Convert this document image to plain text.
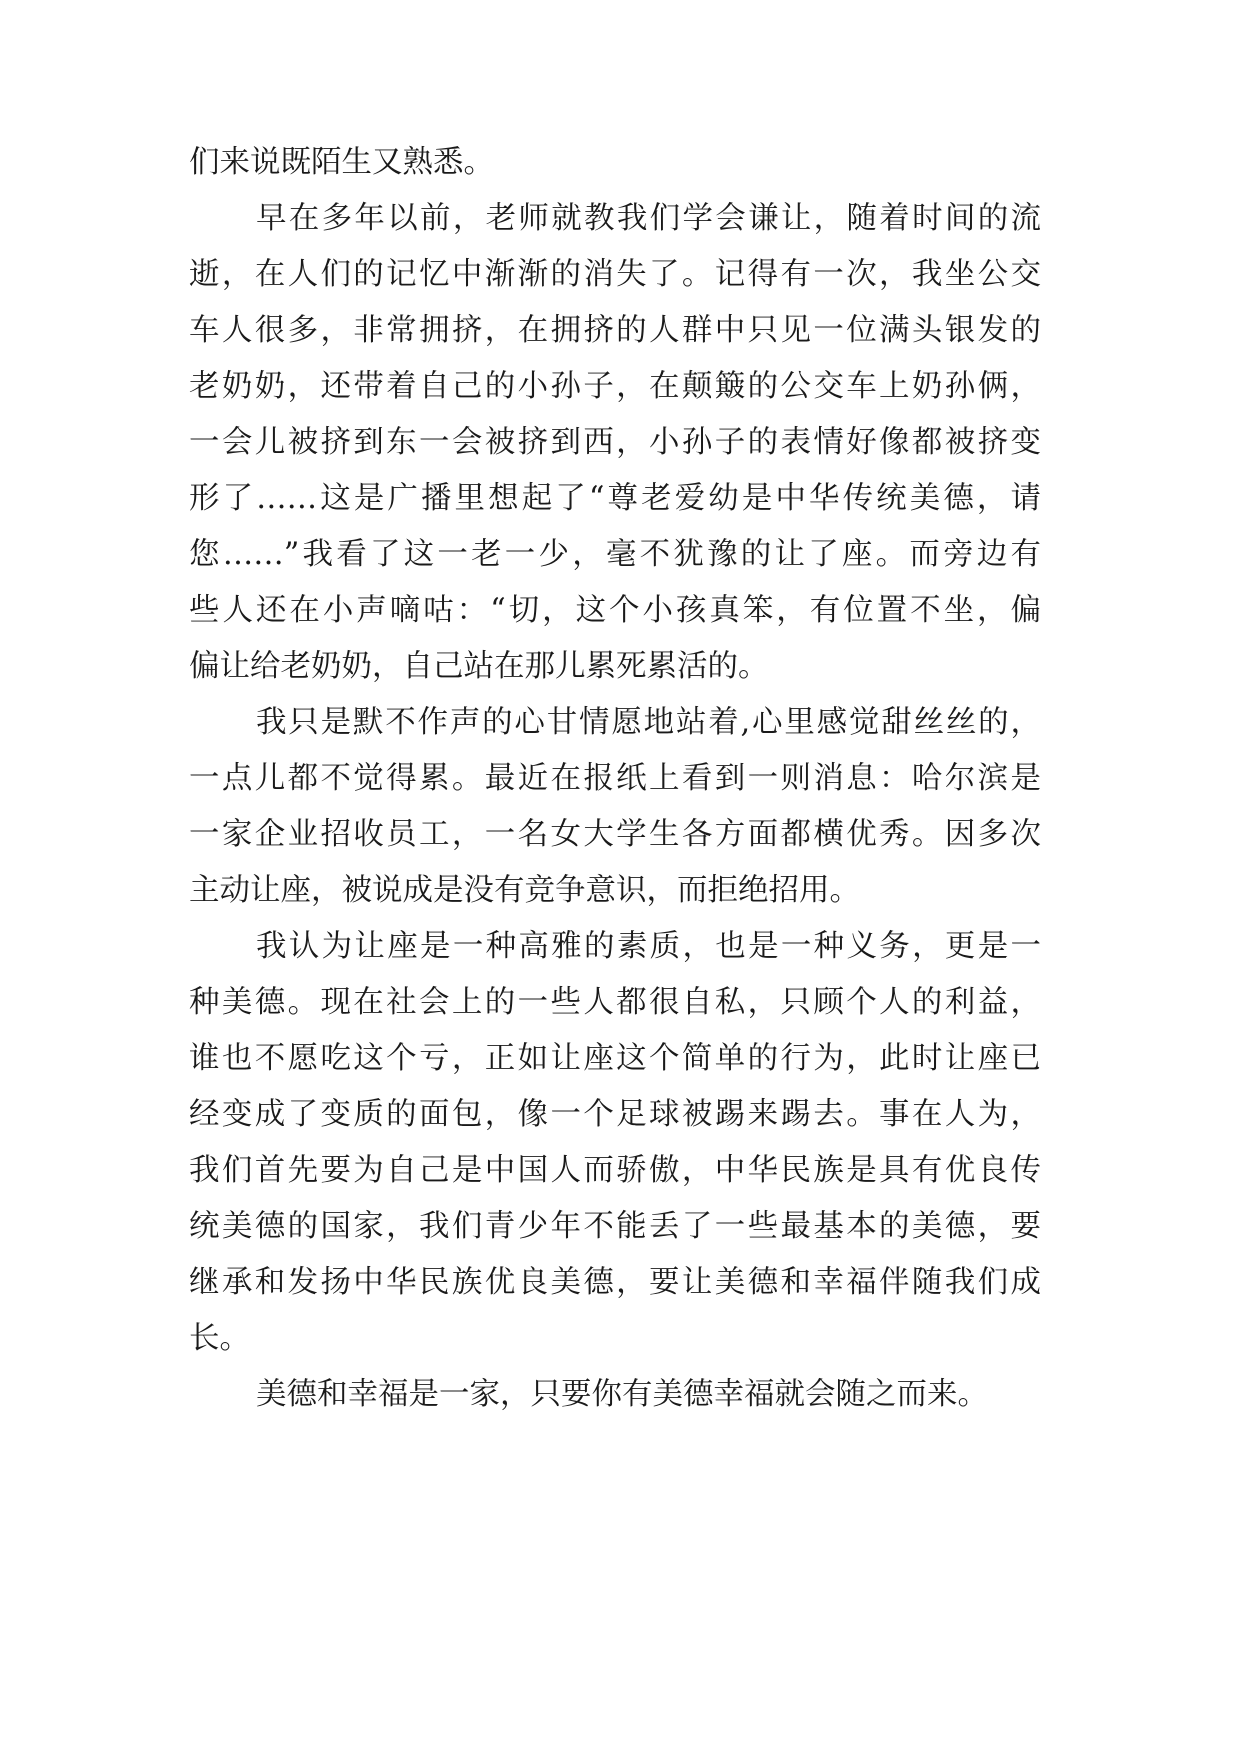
们来说既陌生又熟悉。

早在多年以前，老师就教我们学会谦让，随着时间的流

逝，在人们的记忆中渐渐的消失了。记得有一次，我坐公交

车人很多，非常拥挤，在拥挤的人群中只见一位满头银发的

老奶奶，还带着自己的小孙子，在颠簸的公交车上奶孙俩，

一会儿被挤到东一会被挤到西，小孙子的表情好像都被挤变

形了……这是广播里想起了“尊老爱幼是中华传统美德，请

您……”我看了这一老一少，毫不犹豫的让了座。而旁边有

些人还在小声嘀咕：“切，这个小孩真笨，有位置不坐，偏

偏让给老奶奶，自己站在那儿累死累活的。

我只是默不作声的心甘情愿地站着,心里感觉甜丝丝的，

一点儿都不觉得累。最近在报纸上看到一则消息：哈尔滨是

一家企业招收员工，一名女大学生各方面都横优秀。因多次

主动让座，被说成是没有竞争意识，而拒绝招用。

我认为让座是一种高雅的素质，也是一种义务，更是一

种美德。现在社会上的一些人都很自私，只顾个人的利益，

谁也不愿吃这个亏，正如让座这个简单的行为，此时让座已

经变成了变质的面包，像一个足球被踢来踢去。事在人为，

我们首先要为自己是中国人而骄傲，中华民族是具有优良传

统美德的国家，我们青少年不能丢了一些最基本的美德，要

继承和发扬中华民族优良美德，要让美德和幸福伴随我们成

长。

美德和幸福是一家，只要你有美德幸福就会随之而来。
